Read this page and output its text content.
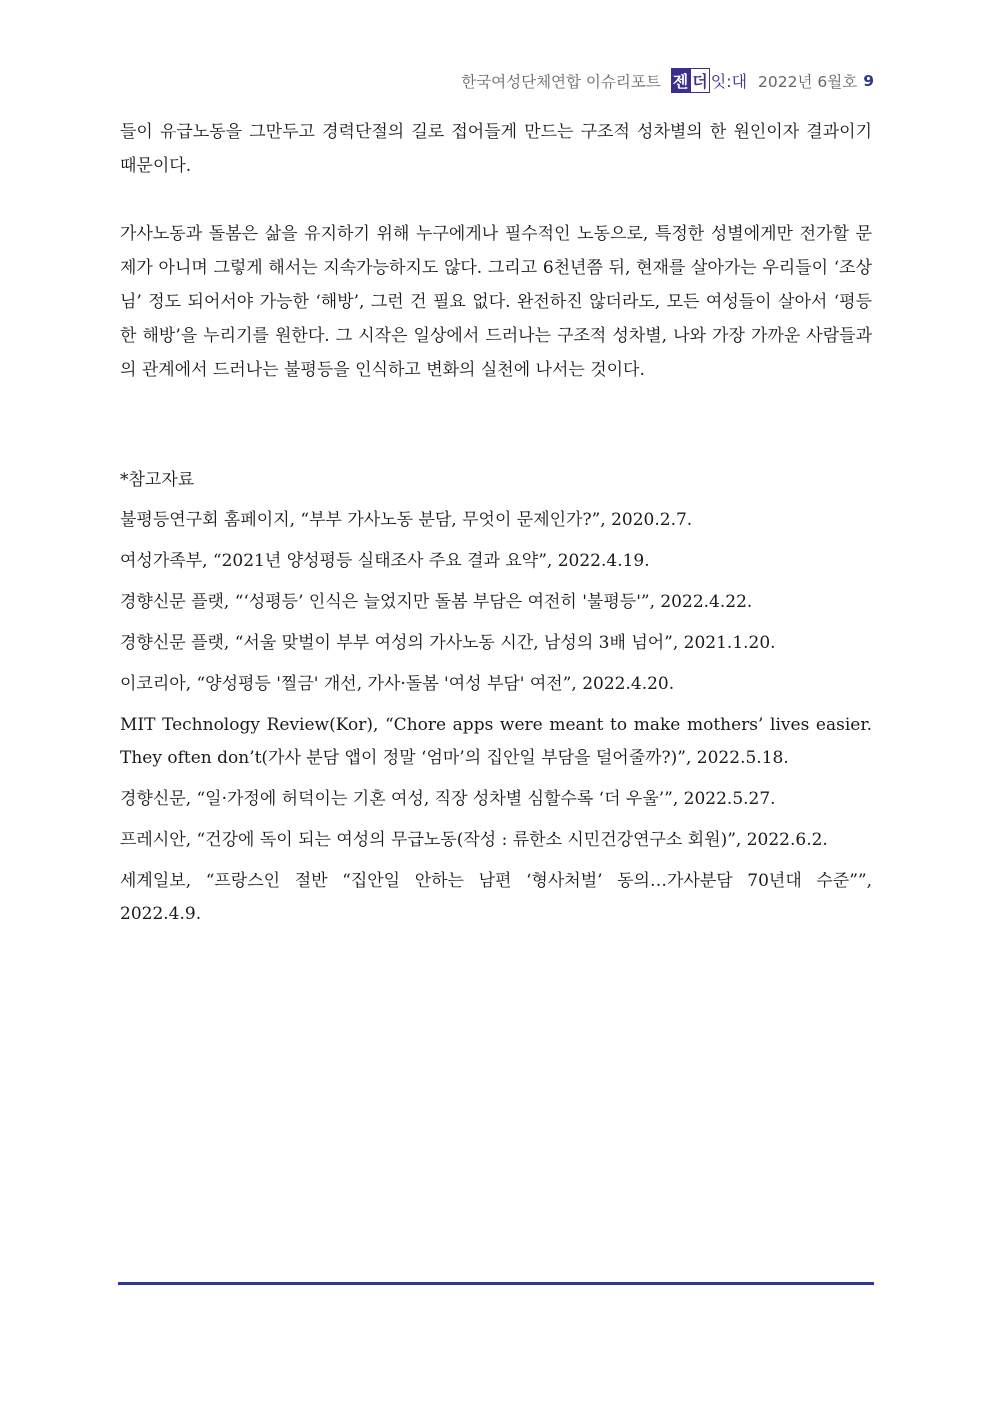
한국여성단체연합 이슈리포트 젠 더 잇:대 2022년 6월호 9

들이 유급노동을 그만두고 경력단절의 길로 접어들게 만드는 구조적 성차별의 한 원인이자 결과이기 때문이다.

가사노동과 돌봄은 삶을 유지하기 위해 누구에게나 필수적인 노동으로, 특정한 성별에게만 전가할 문제가 아니며 그렇게 해서는 지속가능하지도 않다. 그리고 6천년쯤 뒤, 현재를 살아가는 우리들이 ‘조상님’ 정도 되어서야 가능한 ‘해방’, 그런 건 필요 없다. 완전하진 않더라도, 모든 여성들이 살아서 ‘평등한 해방’을 누리기를 원한다. 그 시작은 일상에서 드러나는 구조적 성차별, 나와 가장 가까운 사람들과의 관계에서 드러나는 불평등을 인식하고 변화의 실천에 나서는 것이다.

*참고자료

불평등연구회 홈페이지, “부부 가사노동 분담, 무엇이 문제인가?”, 2020.2.7.

여성가족부, “2021년 양성평등 실태조사 주요 결과 요약”, 2022.4.19.

경향신문 플랫, “‘성평등’ 인식은 늘었지만 돌봄 부담은 여전히 '불평등'”, 2022.4.22.

경향신문 플랫, “서울 맞벌이 부부 여성의 가사노동 시간, 남성의 3배 넘어”, 2021.1.20.

이코리아, “양성평등 '찔금' 개선, 가사·돌봄 '여성 부담' 여전”, 2022.4.20.

MIT Technology Review(Kor), “Chore apps were meant to make mothers’ lives easier. They often don’t(가사 분담 앱이 정말 ‘엄마’의 집안일 부담을 덜어줄까?)”, 2022.5.18.

경향신문, “일·가정에 허덕이는 기혼 여성, 직장 성차별 심할수록 ‘더 우울’”, 2022.5.27.

프레시안, “건강에 독이 되는 여성의 무급노동(작성 : 류한소 시민건강연구소 회원)”, 2022.6.2.

세계일보, “프랑스인 절반 “집안일 안하는 남편 ‘형사처벌’ 동의…가사분담 70년대 수준””, 2022.4.9.
